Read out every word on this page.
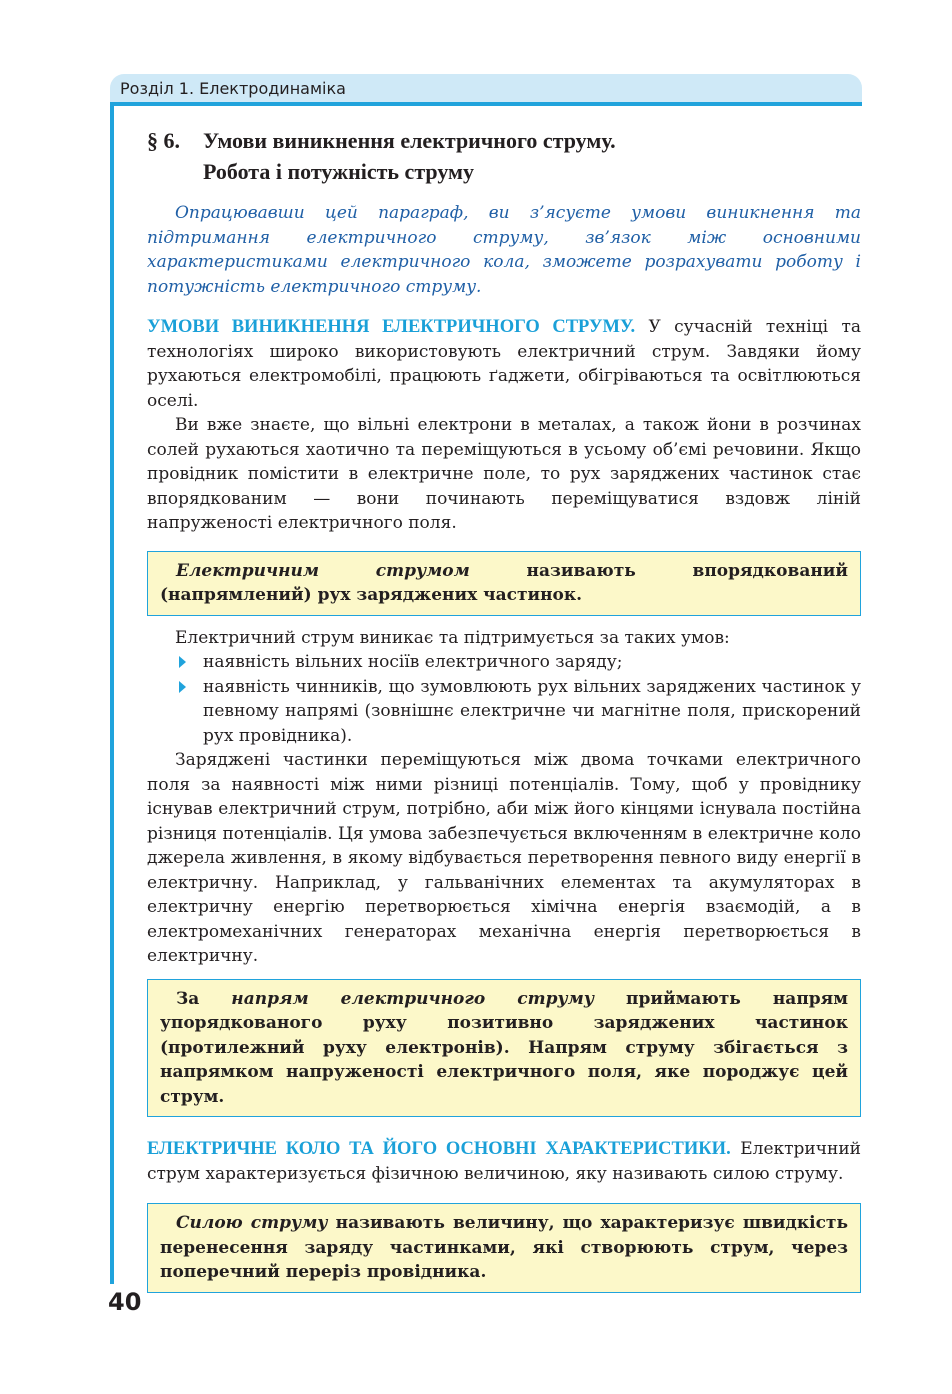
Розділ 1. Електродинаміка
§ 6. Умови виникнення електричного струму.
Робота і потужність струму

Опрацювавши цей параграф, ви з’ясуєте умови виникнення та підтримання електричного струму, зв’язок між основними характеристиками електричного кола, зможете розрахувати роботу і потужність електричного струму.

УМОВИ ВИНИКНЕННЯ ЕЛЕКТРИЧНОГО СТРУМУ. У сучасній техніці та технологіях широко використовують електричний струм. Завдяки йому рухаються електромобілі, працюють ґаджети, обігріваються та освітлюються оселі.

Ви вже знаєте, що вільні електрони в металах, а також йони в розчинах солей рухаються хаотично та переміщуються в усьому об’ємі речовини. Якщо провідник помістити в електричне поле, то рух заряджених частинок стає впорядкованим — вони починають переміщуватися вздовж ліній напруженості електричного поля.

Електричним струмом називають впорядкований (напрямлений) рух заряджених частинок.

Електричний струм виникає та підтримується за таких умов:

наявність вільних носіїв електричного заряду;
наявність чинників, що зумовлюють рух вільних заряджених частинок у певному напрямі (зовнішнє електричне чи магнітне поля, прискорений рух провідника).

Заряджені частинки переміщуються між двома точками електричного поля за наявності між ними різниці потенціалів. Тому, щоб у провіднику існував електричний струм, потрібно, аби між його кінцями існувала постійна різниця потенціалів. Ця умова забезпечується включенням в електричне коло джерела живлення, в якому відбувається перетворення певного виду енергії в електричну. Наприклад, у гальванічних елементах та акумуляторах в електричну енергію перетворюється хімічна енергія взаємодій, а в електромеханічних генераторах механічна енергія перетворюється в електричну.

За напрям електричного струму приймають напрям упорядкованого руху позитивно заряджених частинок (протилежний руху електронів). Напрям струму збігається з напрямком напруженості електричного поля, яке породжує цей струм.

ЕЛЕКТРИЧНЕ КОЛО ТА ЙОГО ОСНОВНІ ХАРАКТЕРИСТИКИ. Електричний струм характеризується фізичною величиною, яку називають силою струму.

Силою струму називають величину, що характеризує швидкість перенесення заряду частинками, які створюють струм, через поперечний переріз провідника.

40
